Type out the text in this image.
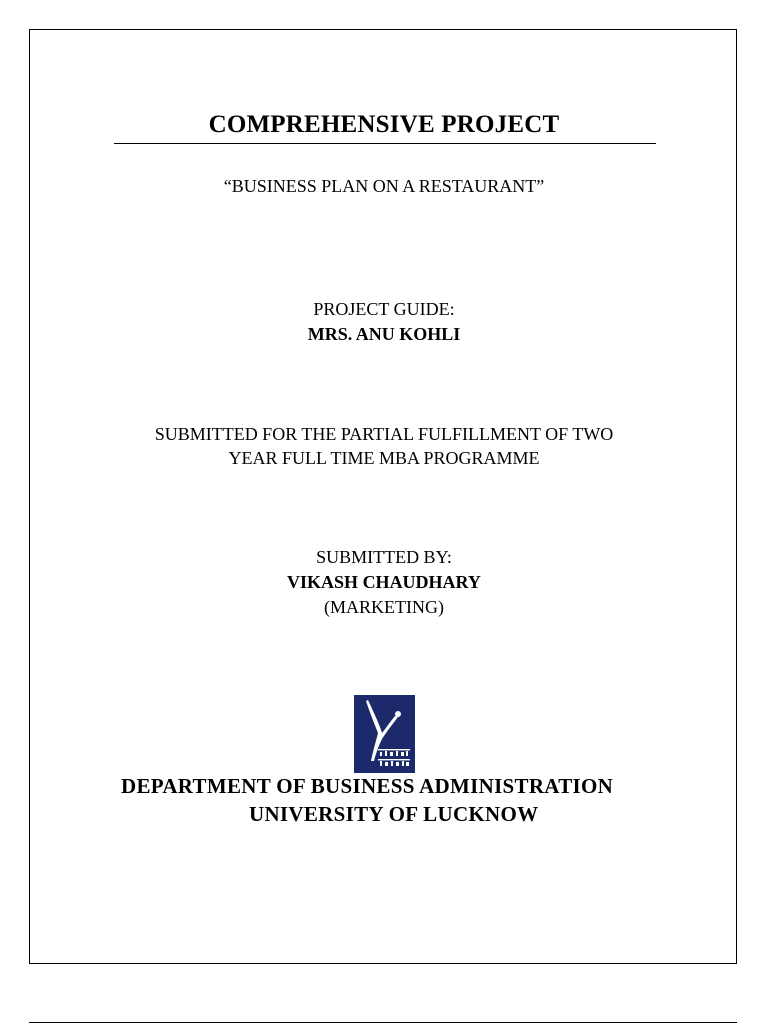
COMPREHENSIVE PROJECT
“BUSINESS PLAN ON A RESTAURANT”
PROJECT GUIDE:
MRS. ANU KOHLI
SUBMITTED FOR THE PARTIAL FULFILLMENT OF TWO
YEAR FULL TIME MBA PROGRAMME
SUBMITTED BY:
VIKASH CHAUDHARY
(MARKETING)
DEPARTMENT OF BUSINESS ADMINISTRATION
UNIVERSITY OF LUCKNOW
